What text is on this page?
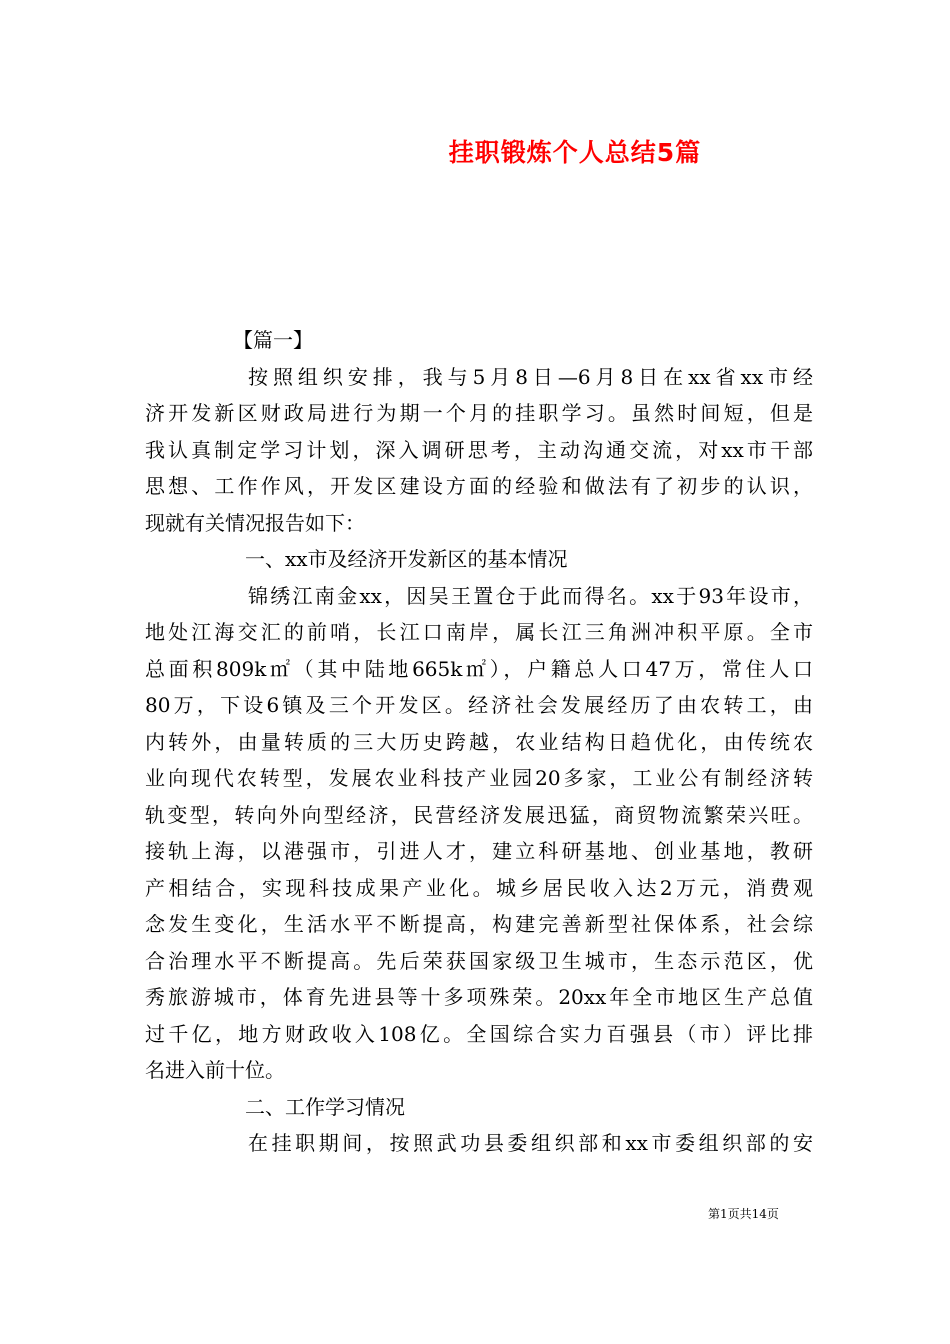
挂职锻炼个人总结5篇
【篇一】
按照组织安排，我与5月8日—6月8日在xx省xx市经
济开发新区财政局进行为期一个月的挂职学习。虽然时间短，但是
我认真制定学习计划，深入调研思考，主动沟通交流，对xx市干部
思想、工作作风，开发区建设方面的经验和做法有了初步的认识，
现就有关情况报告如下：
一、xx市及经济开发新区的基本情况
锦绣江南金xx，因吴王置仓于此而得名。xx于93年设市，
地处江海交汇的前哨，长江口南岸，属长江三角洲冲积平原。全市
总面积809k㎡（其中陆地665k㎡），户籍总人口47万，常住人口
80万，下设6镇及三个开发区。经济社会发展经历了由农转工，由
内转外，由量转质的三大历史跨越，农业结构日趋优化，由传统农
业向现代农转型，发展农业科技产业园20多家，工业公有制经济转
轨变型，转向外向型经济，民营经济发展迅猛，商贸物流繁荣兴旺。
接轨上海，以港强市，引进人才，建立科研基地、创业基地，教研
产相结合，实现科技成果产业化。城乡居民收入达2万元，消费观
念发生变化，生活水平不断提高，构建完善新型社保体系，社会综
合治理水平不断提高。先后荣获国家级卫生城市，生态示范区，优
秀旅游城市，体育先进县等十多项殊荣。20xx年全市地区生产总值
过千亿，地方财政收入108亿。全国综合实力百强县（市）评比排
名进入前十位。
二、工作学习情况
在挂职期间，按照武功县委组织部和xx市委组织部的安
第1页共14页
